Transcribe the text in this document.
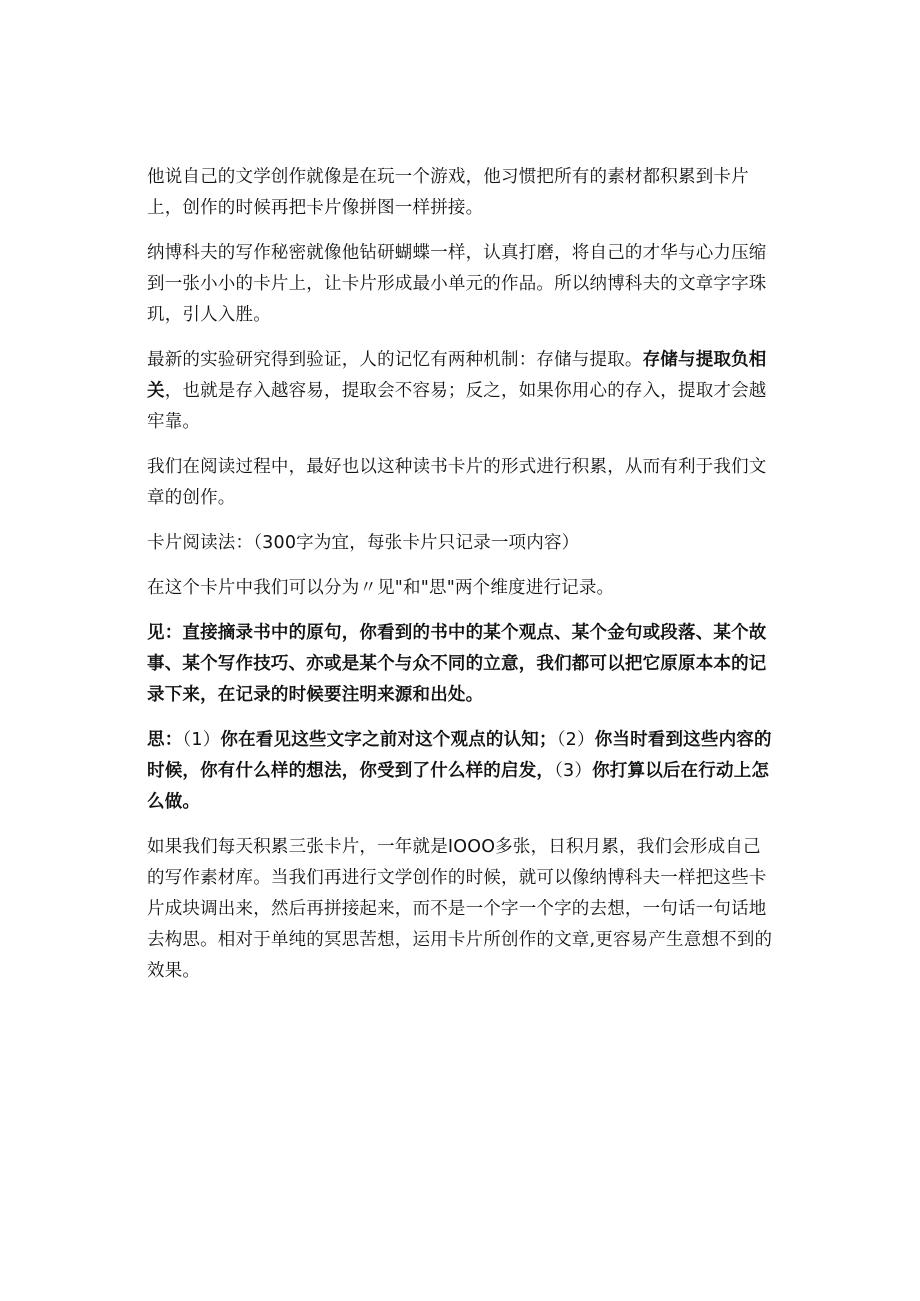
他说自己的文学创作就像是在玩一个游戏，他习惯把所有的素材都积累到卡片上，创作的时候再把卡片像拼图一样拼接。

纳博科夫的写作秘密就像他钻研蝴蝶一样，认真打磨，将自己的才华与心力压缩到一张小小的卡片上，让卡片形成最小单元的作品。所以纳博科夫的文章字字珠玑，引人入胜。

最新的实验研究得到验证，人的记忆有两种机制：存储与提取。存储与提取负相关，也就是存入越容易，提取会不容易；反之，如果你用心的存入，提取才会越牢靠。

我们在阅读过程中，最好也以这种读书卡片的形式进行积累，从而有利于我们文章的创作。

卡片阅读法：（300字为宜，每张卡片只记录一项内容）

在这个卡片中我们可以分为〃见"和"思"两个维度进行记录。

见：直接摘录书中的原句，你看到的书中的某个观点、某个金句或段落、某个故事、某个写作技巧、亦或是某个与众不同的立意，我们都可以把它原原本本的记录下来，在记录的时候要注明来源和出处。

思：（1）你在看见这些文字之前对这个观点的认知；（2）你当时看到这些内容的时候，你有什么样的想法，你受到了什么样的启发，（3）你打算以后在行动上怎么做。

如果我们每天积累三张卡片，一年就是IOOO多张，日积月累，我们会形成自己的写作素材库。当我们再进行文学创作的时候，就可以像纳博科夫一样把这些卡片成块调出来，然后再拼接起来，而不是一个字一个字的去想，一句话一句话地去构思。相对于单纯的冥思苦想，运用卡片所创作的文章,更容易产生意想不到的效果。
